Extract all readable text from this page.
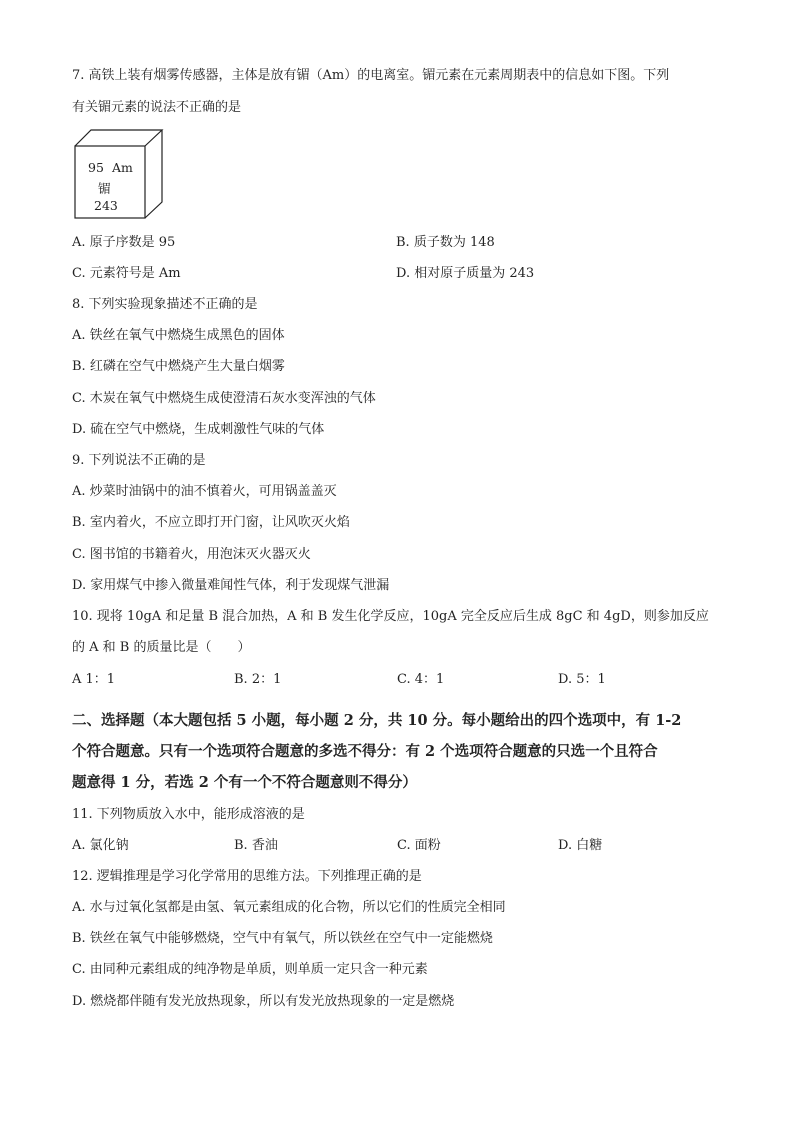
7. 高铁上装有烟雾传感器，主体是放有镅（Am）的电离室。镅元素在元素周期表中的信息如下图。下列
有关镅元素的说法不正确的是
95 Am
镅
243
A. 原子序数是 95	B. 质子数为 148
C. 元素符号是 Am	D. 相对原子质量为 243
8. 下列实验现象描述不正确的是
A. 铁丝在氧气中燃烧生成黑色的固体
B. 红磷在空气中燃烧产生大量白烟雾
C. 木炭在氧气中燃烧生成使澄清石灰水变浑浊的气体
D. 硫在空气中燃烧，生成刺激性气味的气体
9. 下列说法不正确的是
A. 炒菜时油锅中的油不慎着火，可用锅盖盖灭
B. 室内着火，不应立即打开门窗，让风吹灭火焰
C. 图书馆的书籍着火，用泡沫灭火器灭火
D. 家用煤气中掺入微量难闻性气体，利于发现煤气泄漏
10. 现将 10gA 和足量 B 混合加热，A 和 B 发生化学反应，10gA 完全反应后生成 8gC 和 4gD，则参加反应
的 A 和 B 的质量比是（　　）
A 1：1	B. 2：1	C. 4：1	D. 5：1
二、选择题（本大题包括 5 小题，每小题 2 分，共 10 分。每小题给出的四个选项中，有 1-2
个符合题意。只有一个选项符合题意的多选不得分：有 2 个选项符合题意的只选一个且符合
题意得 1 分，若选 2 个有一个不符合题意则不得分）
11. 下列物质放入水中，能形成溶液的是
A. 氯化钠	B. 香油	C. 面粉	D. 白糖
12. 逻辑推理是学习化学常用的思维方法。下列推理正确的是
A. 水与过氧化氢都是由氢、氧元素组成的化合物，所以它们的性质完全相同
B. 铁丝在氧气中能够燃烧，空气中有氧气，所以铁丝在空气中一定能燃烧
C. 由同种元素组成的纯净物是单质，则单质一定只含一种元素
D. 燃烧都伴随有发光放热现象，所以有发光放热现象的一定是燃烧
